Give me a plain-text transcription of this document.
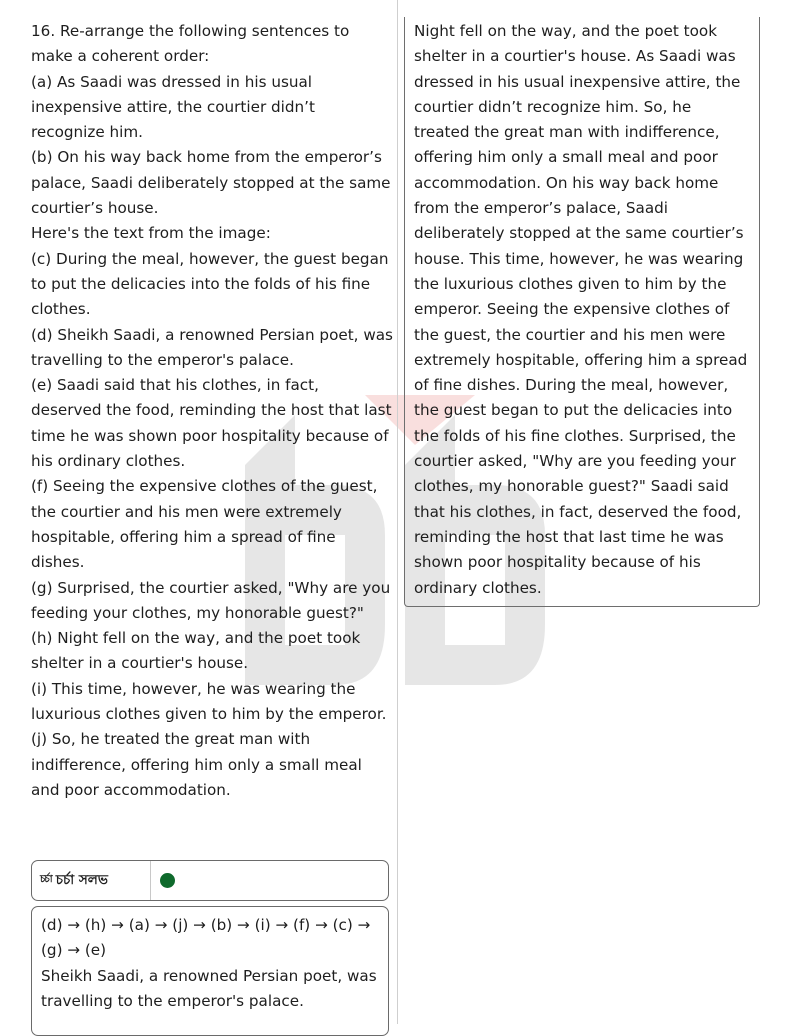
16. Re-arrange the following sentences to make a coherent order:

(a) As Saadi was dressed in his usual inexpensive attire, the courtier didn’t recognize him.

(b) On his way back home from the emperor’s palace, Saadi deliberately stopped at the same courtier’s house.

Here's the text from the image:

(c) During the meal, however, the guest began to put the delicacies into the folds of his fine clothes.

(d) Sheikh Saadi, a renowned Persian poet, was travelling to the emperor's palace.

(e) Saadi said that his clothes, in fact, deserved the food, reminding the host that last time he was shown poor hospitality because of his ordinary clothes.

(f) Seeing the expensive clothes of the guest, the courtier and his men were extremely hospitable, offering him a spread of fine dishes.

(g) Surprised, the courtier asked, "Why are you feeding your clothes, my honorable guest?"

(h) Night fell on the way, and the poet took shelter in a courtier's house.

(i) This time, however, he was wearing the luxurious clothes given to him by the emperor.

(j) So, he treated the great man with indifference, offering him only a small meal and poor accommodation.

Night fell on the way, and the poet took shelter in a courtier's house. As Saadi was dressed in his usual inexpensive attire, the courtier didn’t recognize him. So, he treated the great man with indifference, offering him only a small meal and poor accommodation. On his way back home from the emperor’s palace, Saadi deliberately stopped at the same courtier’s house. This time, however, he was wearing the luxurious clothes given to him by the emperor. Seeing the expensive clothes of the guest, the courtier and his men were extremely hospitable, offering him a spread of fine dishes. During the meal, however, the guest began to put the delicacies into the folds of his fine clothes. Surprised, the courtier asked, "Why are you feeding your clothes, my honorable guest?" Saadi said that his clothes, in fact, deserved the food, reminding the host that last time he was shown poor hospitality because of his ordinary clothes.

চর্চা চর্চা সলভ

(d) → (h) → (a) → (j) → (b) → (i) → (f) → (c) → (g) → (e)

Sheikh Saadi, a renowned Persian poet, was travelling to the emperor's palace.
